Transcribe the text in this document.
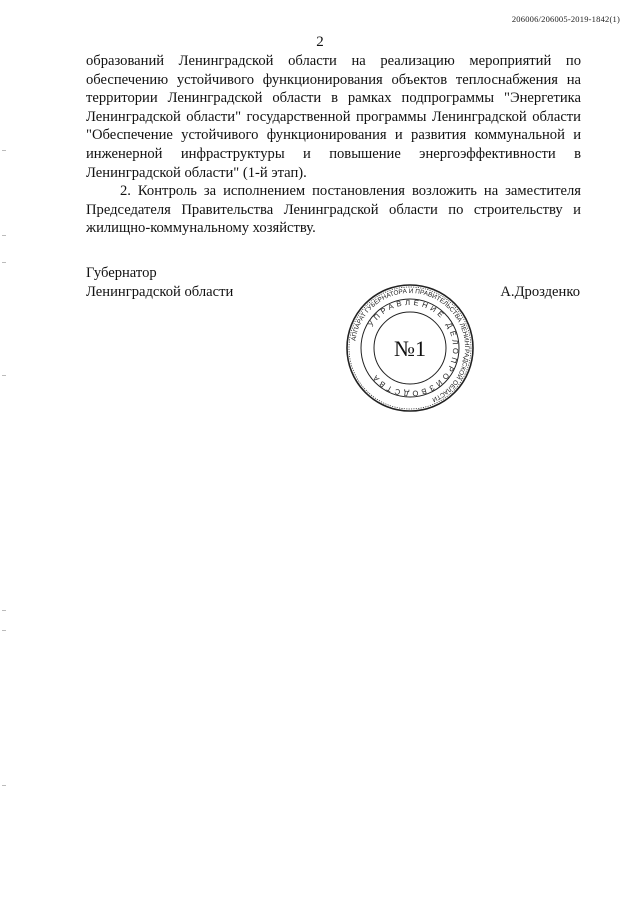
206006/206005-2019-1842(1)
2

образований Ленинградской области на реализацию мероприятий по обеспечению устойчивого функционирования объектов теплоснабжения на территории Ленинградской области в рамках подпрограммы "Энергетика Ленинградской области" государственной программы Ленинградской области "Обеспечение устойчивого функционирования и развития коммунальной и инженерной инфраструктуры и повышение энергоэффективности в Ленинградской области" (1-й этап).

2. Контроль за исполнением постановления возложить на заместителя Председателя Правительства Ленинградской области по строительству и жилищно-коммунальному хозяйству.

Губернатор
Ленинградской области	А.Дрозденко
АППАРАТ ГУБЕРНАТОРА И ПРАВИТЕЛЬСТВА ЛЕНИНГРАДСКОЙ ОБЛАСТИ
УПРАВЛЕНИЕ ДЕЛОПРОИЗВОДСТВА
№1
